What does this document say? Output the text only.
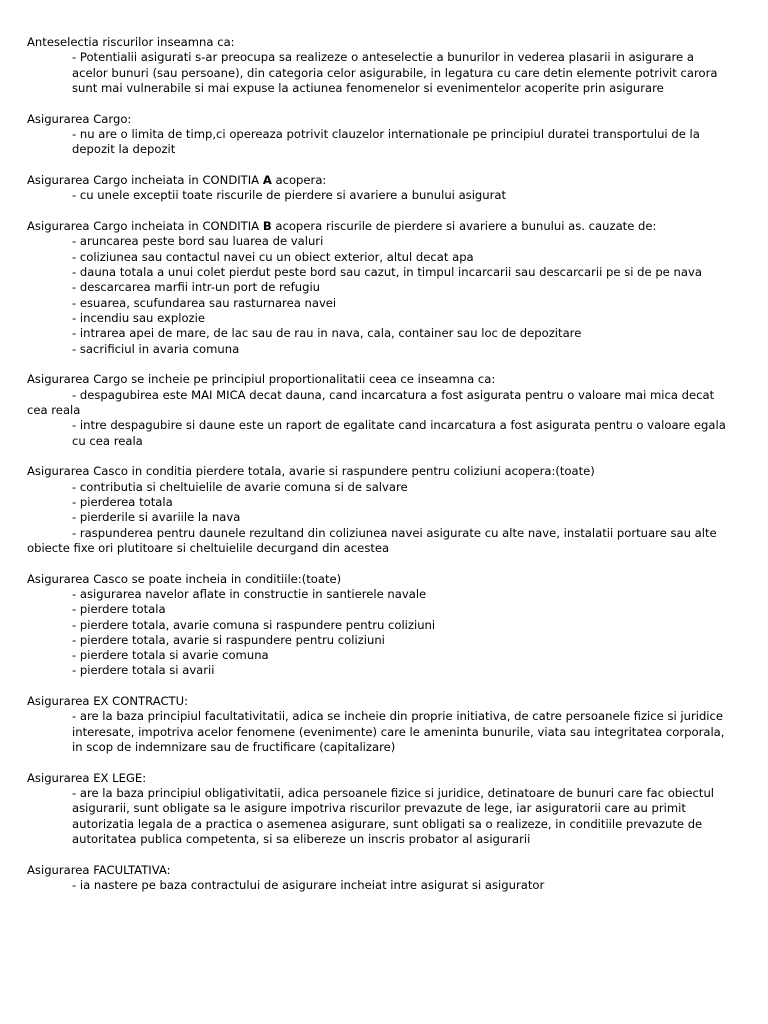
Anteselectia riscurilor inseamna ca:
- Potentialii asigurati s-ar preocupa sa realizeze o anteselectie a bunurilor in vederea plasarii in asigurare a acelor bunuri (sau persoane), din categoria celor asigurabile, in legatura cu care detin elemente potrivit carora sunt mai vulnerabile si mai expuse la actiunea fenomenelor si evenimentelor acoperite prin asigurare
Asigurarea Cargo:
- nu are o limita de timp,ci opereaza potrivit clauzelor internationale pe principiul duratei transportului de la depozit la depozit
Asigurarea Cargo incheiata in CONDITIA A acopera:
- cu unele exceptii toate riscurile de pierdere si avariere a bunului asigurat
Asigurarea Cargo incheiata in CONDITIA B acopera riscurile de pierdere si avariere a bunului as. cauzate de:
- aruncarea peste bord sau luarea de valuri
- coliziunea sau contactul navei cu un obiect exterior, altul decat apa
- dauna totala a unui colet pierdut peste bord sau cazut, in timpul incarcarii sau descarcarii pe si de pe nava
- descarcarea marfii intr-un port de refugiu
- esuarea, scufundarea sau rasturnarea navei
- incendiu sau explozie
- intrarea apei de mare, de lac sau de rau in nava, cala, container sau loc de depozitare
- sacrificiul in avaria comuna
Asigurarea Cargo se incheie pe principiul proportionalitatii ceea ce inseamna ca:
- despagubirea este MAI MICA decat dauna, cand incarcatura a fost asigurata pentru o valoare mai mica decat cea reala
- intre despagubire si daune este un raport de egalitate cand incarcatura a fost asigurata pentru o valoare egala cu cea reala
Asigurarea Casco in conditia pierdere totala, avarie si raspundere pentru coliziuni acopera:(toate)
- contributia si cheltuielile de avarie comuna si de salvare
- pierderea totala
- pierderile si avariile la nava
- raspunderea pentru daunele rezultand din coliziunea navei asigurate cu alte nave, instalatii portuare sau alte obiecte fixe ori plutitoare si cheltuielile decurgand din acestea
Asigurarea Casco se poate incheia in conditiile:(toate)
- asigurarea navelor aflate in constructie in santierele navale
- pierdere totala
- pierdere totala, avarie comuna si raspundere pentru coliziuni
- pierdere totala, avarie si raspundere pentru coliziuni
- pierdere totala si avarie comuna
- pierdere totala si avarii
Asigurarea EX CONTRACTU:
- are la baza principiul facultativitatii, adica se incheie din proprie initiativa, de catre persoanele fizice si juridice interesate, impotriva acelor fenomene (evenimente) care le ameninta bunurile, viata sau integritatea corporala, in scop de indemnizare sau de fructificare (capitalizare)
Asigurarea EX LEGE:
- are la baza principiul obligativitatii, adica persoanele fizice si juridice, detinatoare de bunuri care fac obiectul asigurarii, sunt obligate sa le asigure impotriva riscurilor prevazute de lege, iar asiguratorii care au primit autorizatia legala de a practica o asemenea asigurare, sunt obligati sa o realizeze, in conditiile prevazute de autoritatea publica competenta, si sa elibereze un inscris probator al asigurarii
Asigurarea FACULTATIVA:
- ia nastere pe baza contractului de asigurare incheiat intre asigurat si asigurator
